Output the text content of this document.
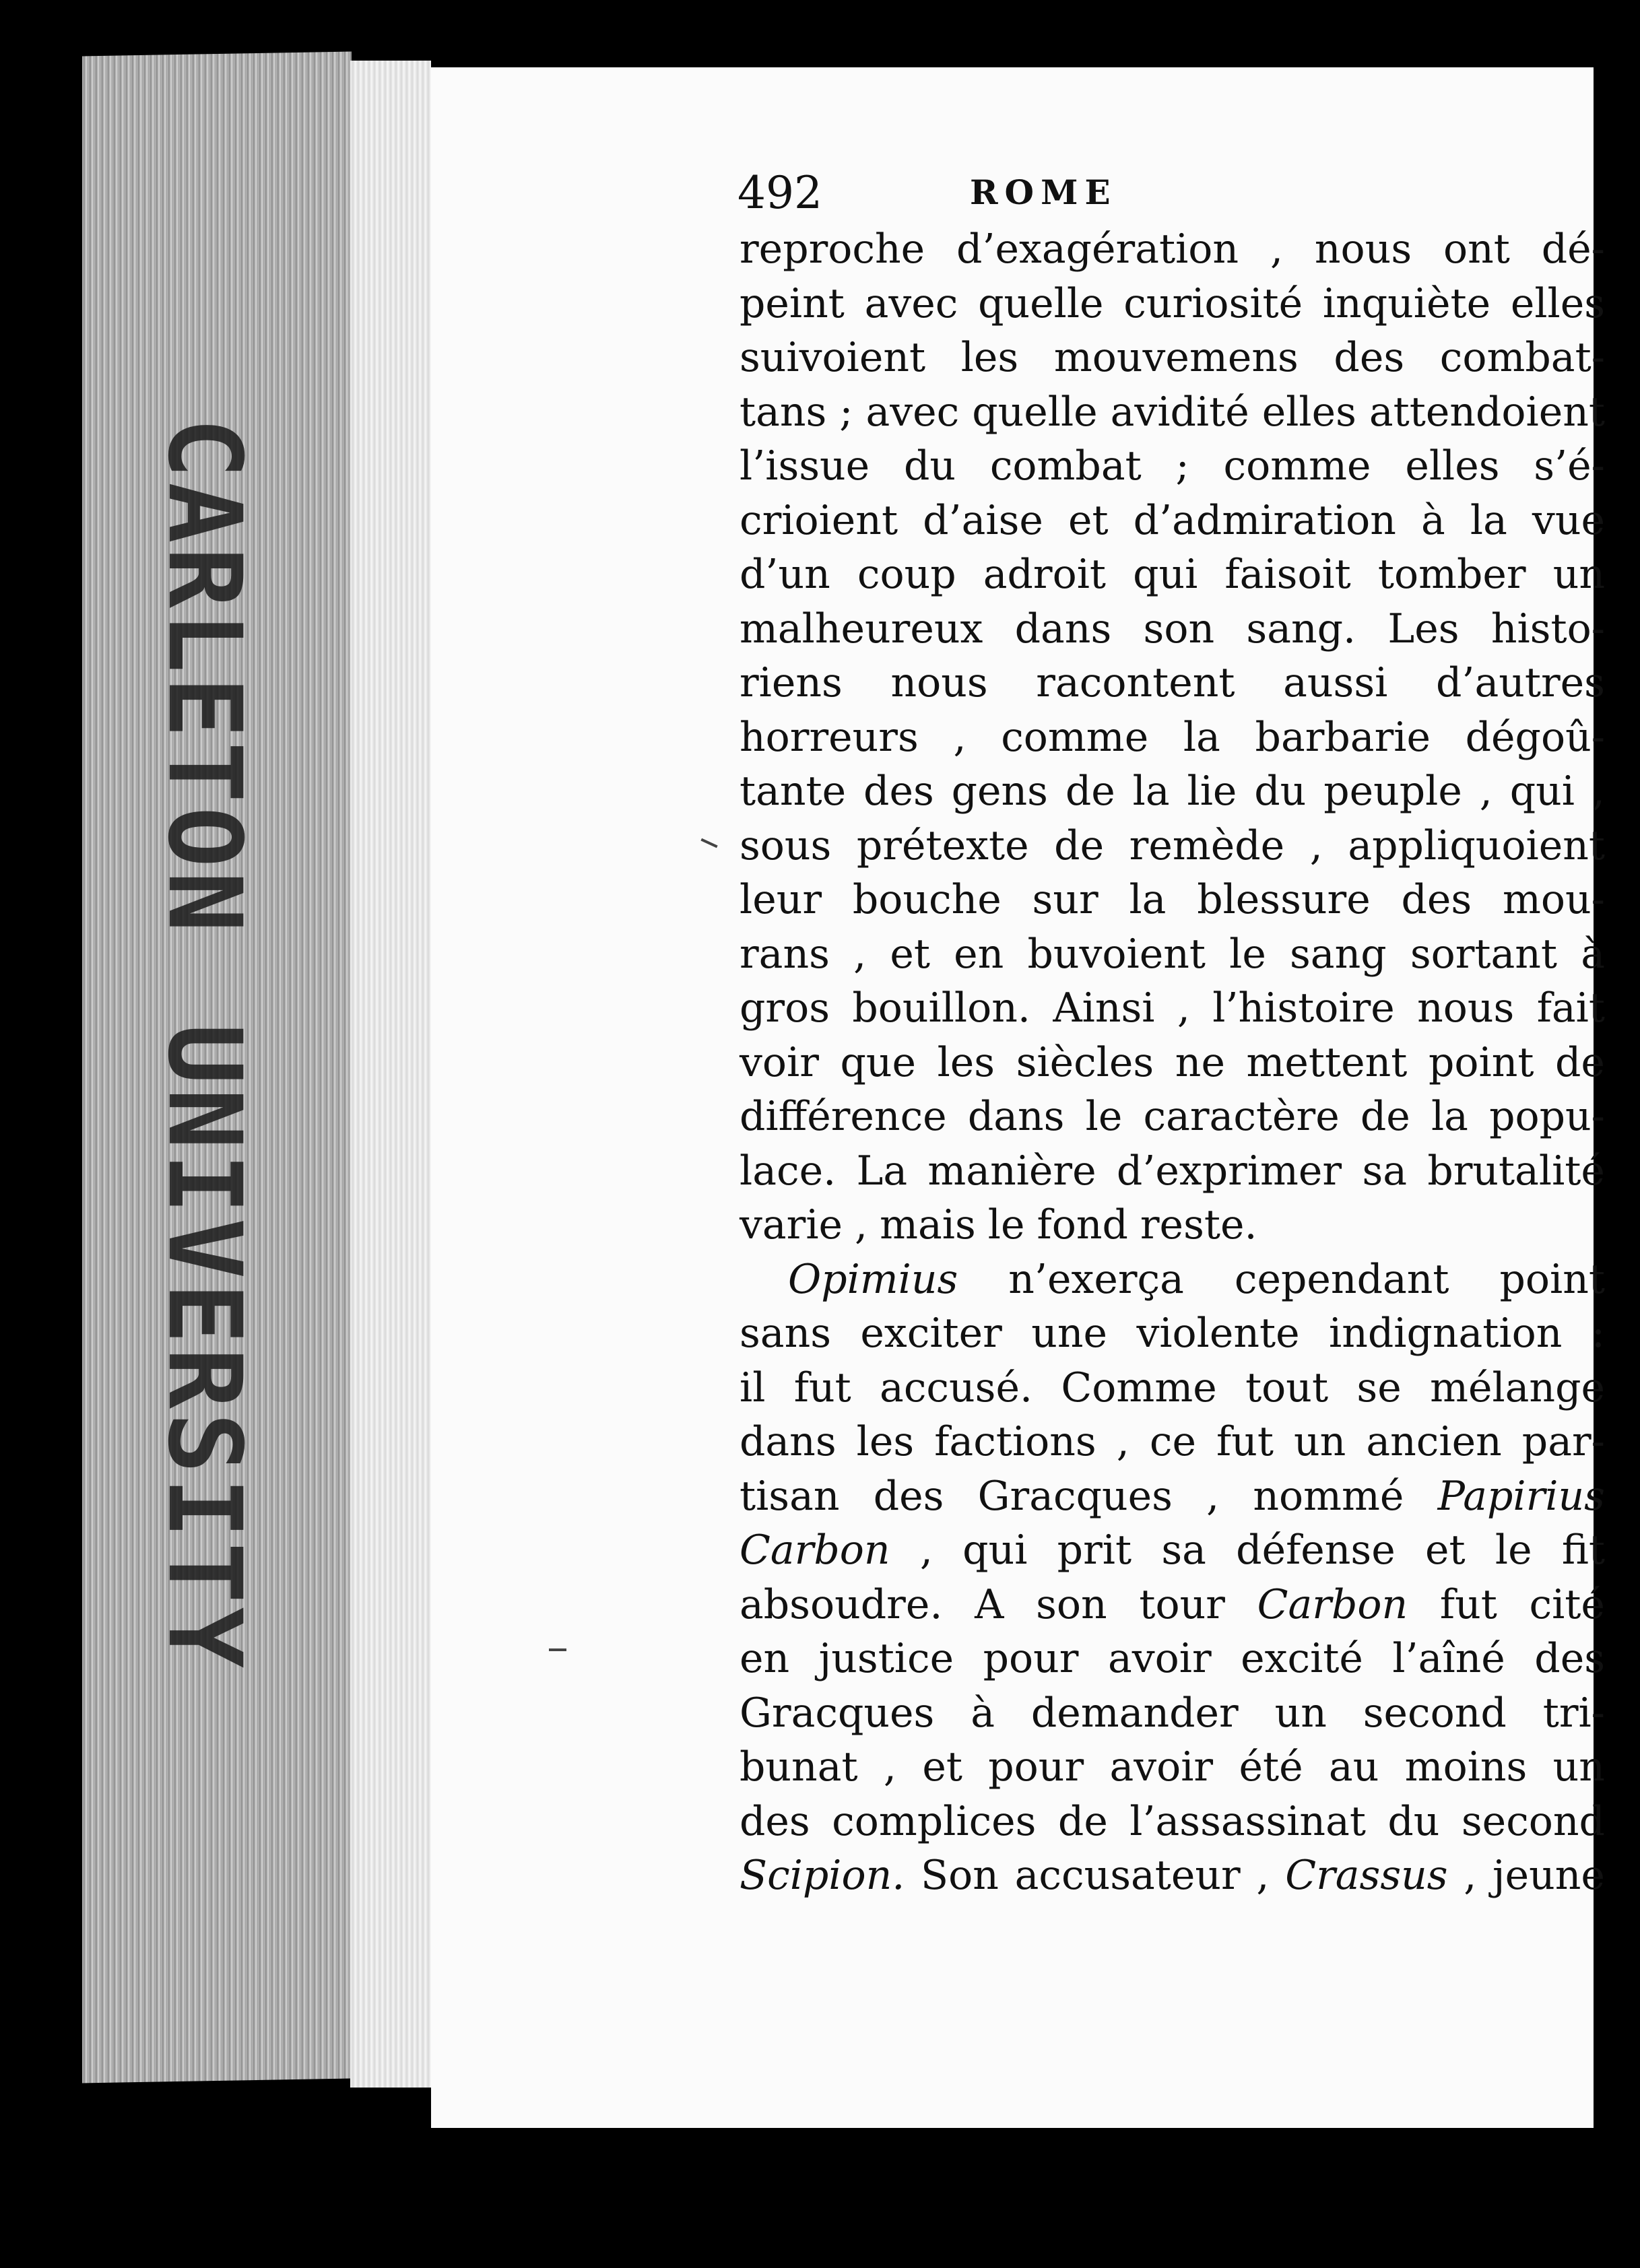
CARLETON
UNIVERSITY
492	ROME
reproche d’exagération , nous ont dé-
peint avec quelle curiosité inquiète elles
suivoient les mouvemens des combat-
tans ; avec quelle avidité elles attendoient
l’issue du combat ; comme elles s’é-
crioient d’aise et d’admiration à la vue
d’un coup adroit qui faisoit tomber un
malheureux dans son sang. Les histo-
riens nous racontent aussi d’autres
horreurs , comme la barbarie dégoû-
tante des gens de la lie du peuple , qui ,
sous prétexte de remède , appliquoient
leur bouche sur la blessure des mou-
rans , et en buvoient le sang sortant à
gros bouillon. Ainsi , l’histoire nous fait
voir que les siècles ne mettent point de
différence dans le caractère de la popu-
lace. La manière d’exprimer sa brutalité
varie , mais le fond reste.
Opimius n’exerça cependant point
sans exciter une violente indignation :
il fut accusé. Comme tout se mélange
dans les factions , ce fut un ancien par-
tisan des Gracques , nommé Papirius
Carbon , qui prit sa défense et le fit
absoudre. A son tour Carbon fut cité
en justice pour avoir excité l’aîné des
Gracques à demander un second tri-
bunat , et pour avoir été au moins un
des complices de l’assassinat du second
Scipion. Son accusateur , Crassus , jeune
